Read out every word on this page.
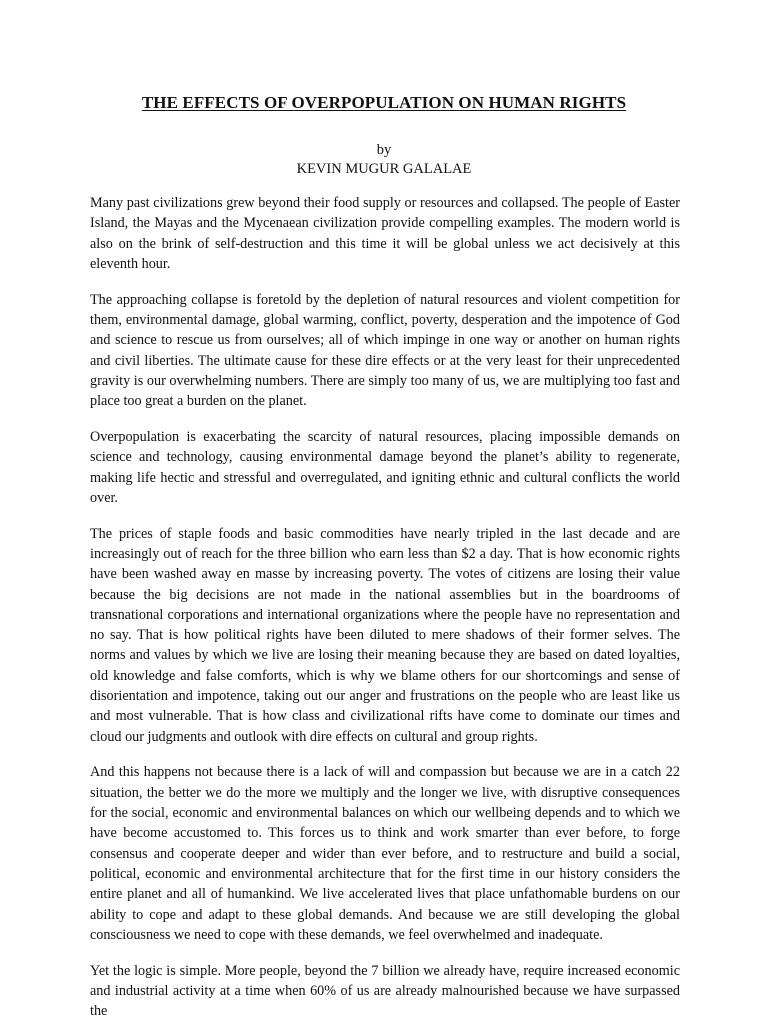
THE EFFECTS OF OVERPOPULATION ON HUMAN RIGHTS
by
KEVIN MUGUR GALALAE

Many past civilizations grew beyond their food supply or resources and collapsed. The people of Easter Island, the Mayas and the Mycenaean civilization provide compelling examples. The modern world is also on the brink of self-destruction and this time it will be global unless we act decisively at this eleventh hour.

The approaching collapse is foretold by the depletion of natural resources and violent competition for them, environmental damage, global warming, conflict, poverty, desperation and the impotence of God and science to rescue us from ourselves; all of which impinge in one way or another on human rights and civil liberties. The ultimate cause for these dire effects or at the very least for their unprecedented gravity is our overwhelming numbers. There are simply too many of us, we are multiplying too fast and place too great a burden on the planet.

Overpopulation is exacerbating the scarcity of natural resources, placing impossible demands on science and technology, causing environmental damage beyond the planet’s ability to regenerate, making life hectic and stressful and overregulated, and igniting ethnic and cultural conflicts the world over.

The prices of staple foods and basic commodities have nearly tripled in the last decade and are increasingly out of reach for the three billion who earn less than $2 a day. That is how economic rights have been washed away en masse by increasing poverty. The votes of citizens are losing their value because the big decisions are not made in the national assemblies but in the boardrooms of transnational corporations and international organizations where the people have no representation and no say. That is how political rights have been diluted to mere shadows of their former selves. The norms and values by which we live are losing their meaning because they are based on dated loyalties, old knowledge and false comforts, which is why we blame others for our shortcomings and sense of disorientation and impotence, taking out our anger and frustrations on the people who are least like us and most vulnerable. That is how class and civilizational rifts have come to dominate our times and cloud our judgments and outlook with dire effects on cultural and group rights.

And this happens not because there is a lack of will and compassion but because we are in a catch 22 situation, the better we do the more we multiply and the longer we live, with disruptive consequences for the social, economic and environmental balances on which our wellbeing depends and to which we have become accustomed to. This forces us to think and work smarter than ever before, to forge consensus and cooperate deeper and wider than ever before, and to restructure and build a social, political, economic and environmental architecture that for the first time in our history considers the entire planet and all of humankind. We live accelerated lives that place unfathomable burdens on our ability to cope and adapt to these global demands. And because we are still developing the global consciousness we need to cope with these demands, we feel overwhelmed and inadequate.

Yet the logic is simple. More people, beyond the 7 billion we already have, require increased economic and industrial activity at a time when 60% of us are already malnourished because we have surpassed the
